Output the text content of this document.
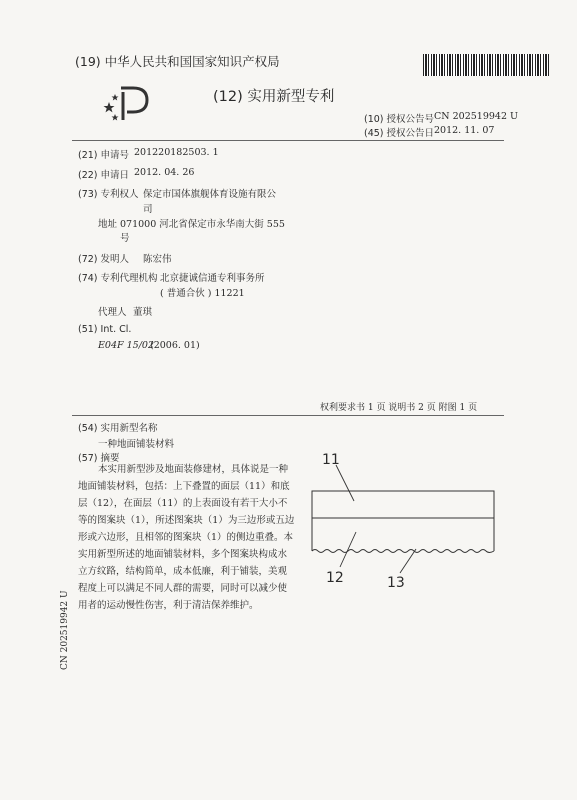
(19) 中华人民共和国国家知识产权局
(12) 实用新型专利
(10) 授权公告号 CN 202519942 U
(45) 授权公告日 2012. 11. 07
(21) 申请号 201220182503. 1
(22) 申请日 2012. 04. 26
(73) 专利权人 保定市国体旗舰体育设施有限公
司
地址 071000 河北省保定市永华南大街 555
号
(72) 发明人 陈宏伟
(74) 专利代理机构 北京捷诚信通专利事务所
( 普通合伙 ) 11221
代理人 董琪
(51) Int. Cl.
E04F 15/02
(2006. 01)
权利要求书 1 页 说明书 2 页 附图 1 页
(54) 实用新型名称
一种地面铺装材料
(57) 摘要
本实用新型涉及地面装修建材，具体说是一种地面铺装材料，包括：上下叠置的面层（11）和底层（12），在面层（11）的上表面设有若干大小不等的图案块（1），所述图案块（1）为三边形或五边形或六边形，且相邻的图案块（1）的侧边重叠。本实用新型所述的地面铺装材料，多个图案块构成水立方纹路，结构简单，成本低廉，利于铺装，美观程度上可以满足不同人群的需要，同时可以减少使用者的运动慢性伤害，利于清洁保养维护。
11
12	13
CN 202519942 U
